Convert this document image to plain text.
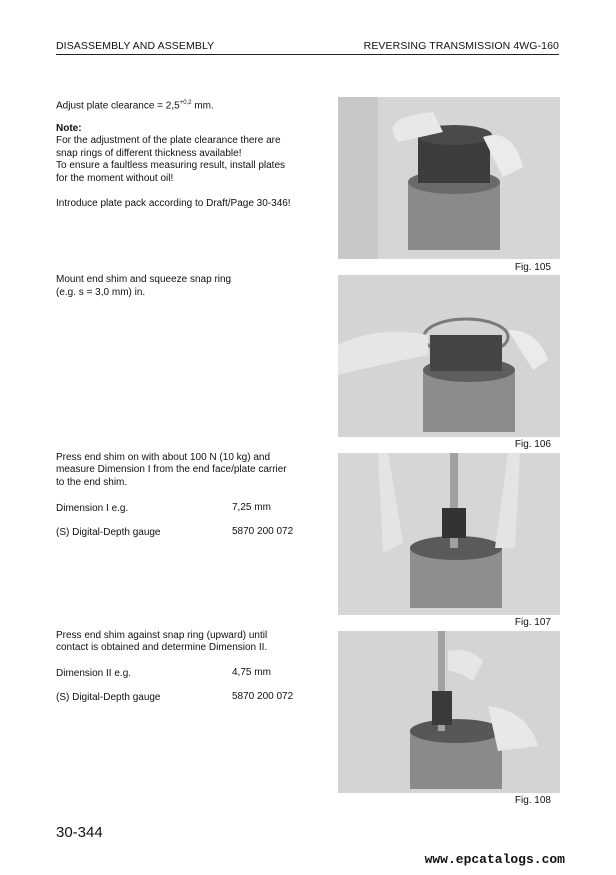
DISASSEMBLY AND ASSEMBLY	REVERSING TRANSMISSION 4WG-160
Adjust plate clearance = $2,5^{+0,2}$ mm.
Note:
For the adjustment of the plate clearance there are
snap rings of different thickness available!
To ensure a faultless measuring result, install plates
for the moment without oil!
Introduce plate pack according to Draft/Page 30-346!
Fig. 105
Mount end shim and squeeze snap ring
(e.g. s = 3,0 mm) in.
Fig. 106
Press end shim on with about 100 N (10 kg) and
measure Dimension I from the end face/plate carrier
to the end shim.
Dimension I e.g.	7,25 mm
(S) Digital-Depth gauge	5870 200 072
Fig. 107
Press end shim against snap ring (upward) until
contact is obtained and determine Dimension II.
Dimension II e.g.	4,75 mm
(S) Digital-Depth gauge	5870 200 072
Fig. 108
30-344
www.epcatalogs.com
